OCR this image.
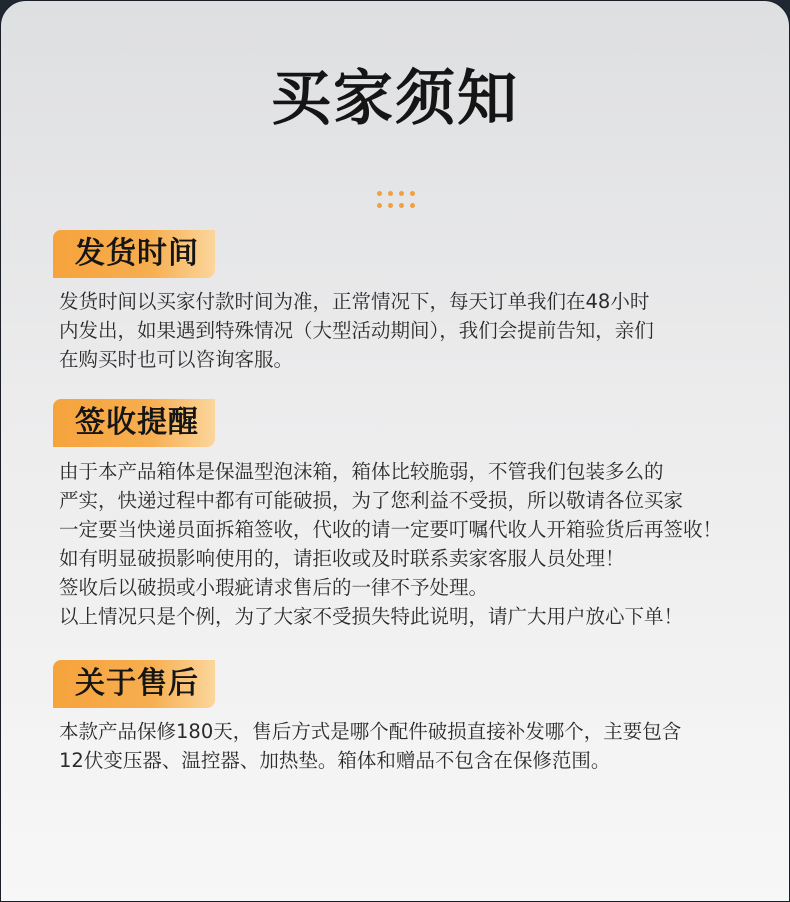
买家须知
发货时间
发货时间以买家付款时间为准，正常情况下，每天订单我们在48小时
内发出，如果遇到特殊情况（大型活动期间），我们会提前告知，亲们
在购买时也可以咨询客服。
签收提醒
由于本产品箱体是保温型泡沫箱，箱体比较脆弱，不管我们包装多么的
严实，快递过程中都有可能破损，为了您利益不受损，所以敬请各位买家
一定要当快递员面拆箱签收，代收的请一定要叮嘱代收人开箱验货后再签收！
如有明显破损影响使用的，请拒收或及时联系卖家客服人员处理！
签收后以破损或小瑕疵请求售后的一律不予处理。
以上情况只是个例，为了大家不受损失特此说明，请广大用户放心下单！
关于售后
本款产品保修180天，售后方式是哪个配件破损直接补发哪个，主要包含
12伏变压器、温控器、加热垫。箱体和赠品不包含在保修范围。
